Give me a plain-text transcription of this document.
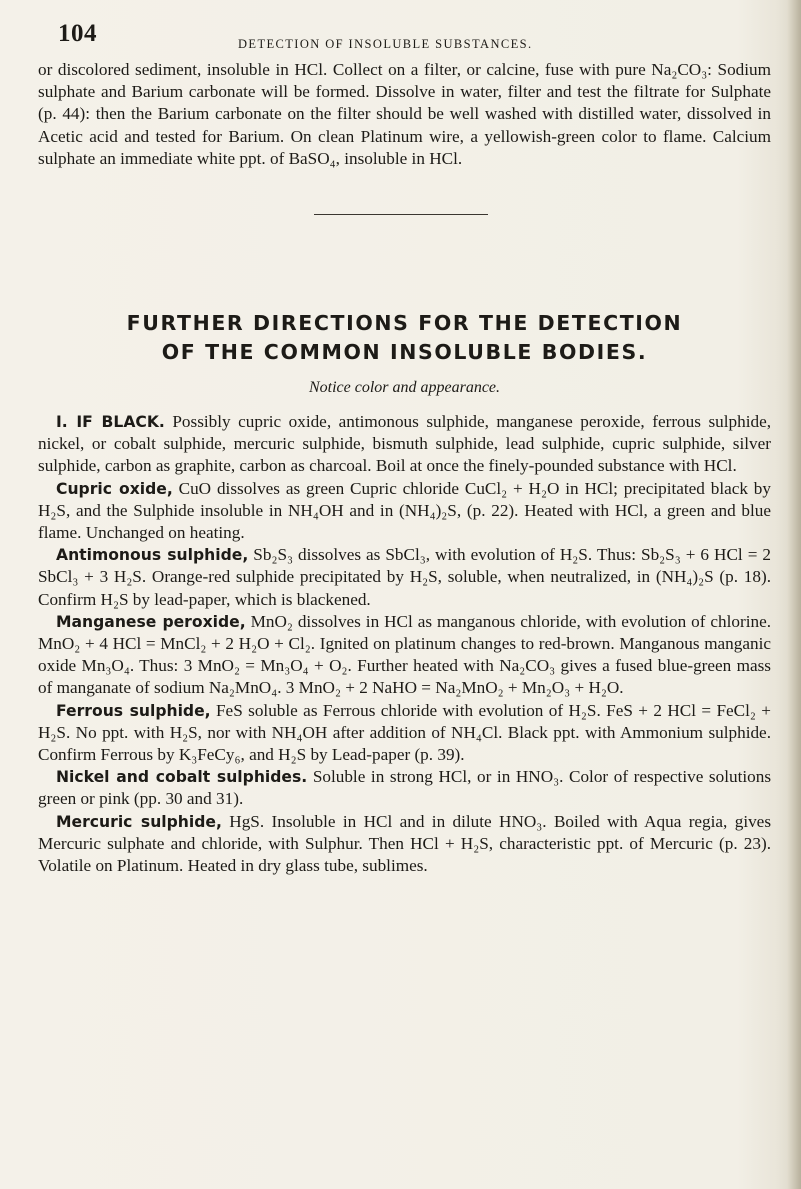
104	DETECTION OF INSOLUBLE SUBSTANCES.

or discolored sediment, insoluble in HCl. Collect on a filter, or calcine, fuse with pure Na₂CO₃: Sodium sulphate and Barium carbonate will be formed. Dissolve in water, filter and test the filtrate for Sulphate (p. 44): then the Barium carbonate on the filter should be well washed with distilled water, dissolved in Acetic acid and tested for Barium. On clean Platinum wire, a yellowish-green color to flame. Calcium sulphate an immediate white ppt. of BaSO₄, insoluble in HCl.

FURTHER DIRECTIONS FOR THE DETECTION
OF THE COMMON INSOLUBLE BODIES.
Notice color and appearance.

I. IF BLACK. Possibly cupric oxide, antimonous sulphide, manganese peroxide, ferrous sulphide, nickel, or cobalt sulphide, mercuric sulphide, bismuth sulphide, lead sulphide, cupric sulphide, silver sulphide, carbon as graphite, carbon as charcoal. Boil at once the finely-pounded substance with HCl.

Cupric oxide, CuO dissolves as green Cupric chloride CuCl₂ + H₂O in HCl; precipitated black by H₂S, and the Sulphide insoluble in NH₄OH and in (NH₄)₂S, (p. 22). Heated with HCl, a green and blue flame. Unchanged on heating.

Antimonous sulphide, Sb₂S₃ dissolves as SbCl₃, with evolution of H₂S. Thus: Sb₂S₃ + 6 HCl = 2 SbCl₃ + 3 H₂S. Orange-red sulphide precipitated by H₂S, soluble, when neutralized, in (NH₄)₂S (p. 18). Confirm H₂S by lead-paper, which is blackened.

Manganese peroxide, MnO₂ dissolves in HCl as manganous chloride, with evolution of chlorine. MnO₂ + 4 HCl = MnCl₂ + 2 H₂O + Cl₂. Ignited on platinum changes to red-brown. Manganous manganic oxide Mn₃O₄. Thus: 3 MnO₂ = Mn₃O₄ + O₂. Further heated with Na₂CO₃ gives a fused blue-green mass of manganate of sodium Na₂MnO₄. 3 MnO₂ + 2 NaHO = Na₂MnO₂ + Mn₂O₃ + H₂O.

Ferrous sulphide, FeS soluble as Ferrous chloride with evolution of H₂S. FeS + 2 HCl = FeCl₂ + H₂S. No ppt. with H₂S, nor with NH₄OH after addition of NH₄Cl. Black ppt. with Ammonium sulphide. Confirm Ferrous by K₃FeCy₆, and H₂S by Lead-paper (p. 39).

Nickel and cobalt sulphides. Soluble in strong HCl, or in HNO₃. Color of respective solutions green or pink (pp. 30 and 31).

Mercuric sulphide, HgS. Insoluble in HCl and in dilute HNO₃. Boiled with Aqua regia, gives Mercuric sulphate and chloride, with Sulphur. Then HCl + H₂S, characteristic ppt. of Mercuric (p. 23). Volatile on Platinum. Heated in dry glass tube, sublimes.
